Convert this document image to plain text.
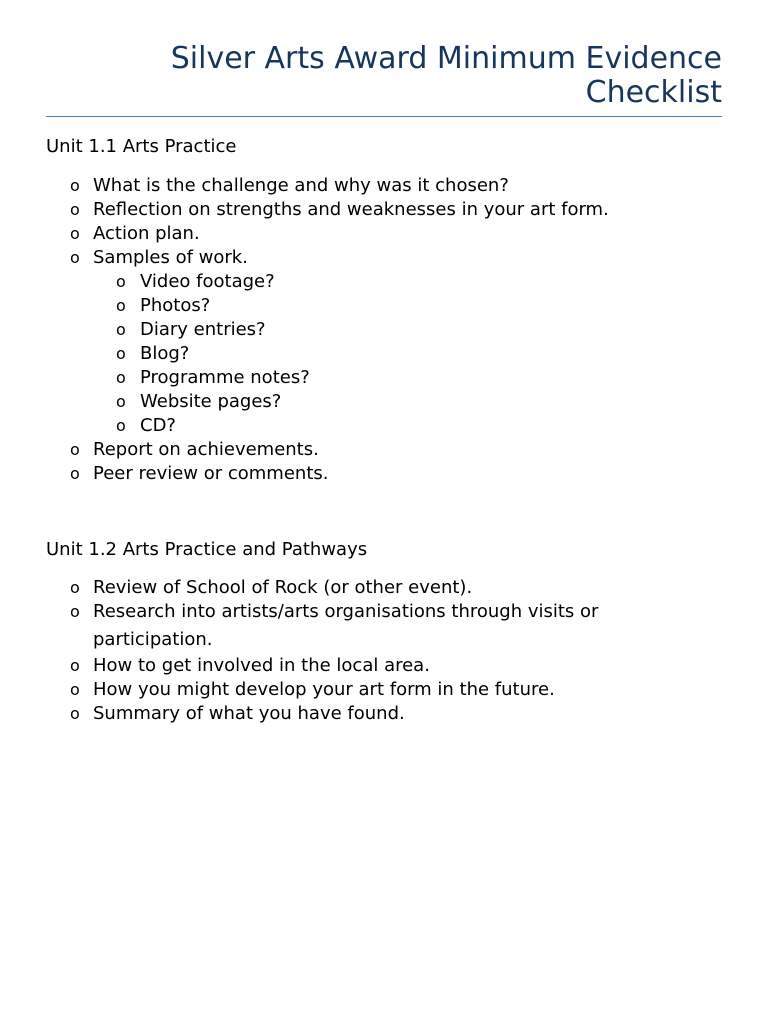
Silver Arts Award Minimum Evidence
Checklist
Unit 1.1 Arts Practice
o What is the challenge and why was it chosen?
o Reflection on strengths and weaknesses in your art form.
o Action plan.
o Samples of work.
o Video footage?
o Photos?
o Diary entries?
o Blog?
o Programme notes?
o Website pages?
o CD?
o Report on achievements.
o Peer review or comments.
Unit 1.2 Arts Practice and Pathways
o Review of School of Rock (or other event).
o Research into artists/arts organisations through visits or participation.
o How to get involved in the local area.
o How you might develop your art form in the future.
o Summary of what you have found.
